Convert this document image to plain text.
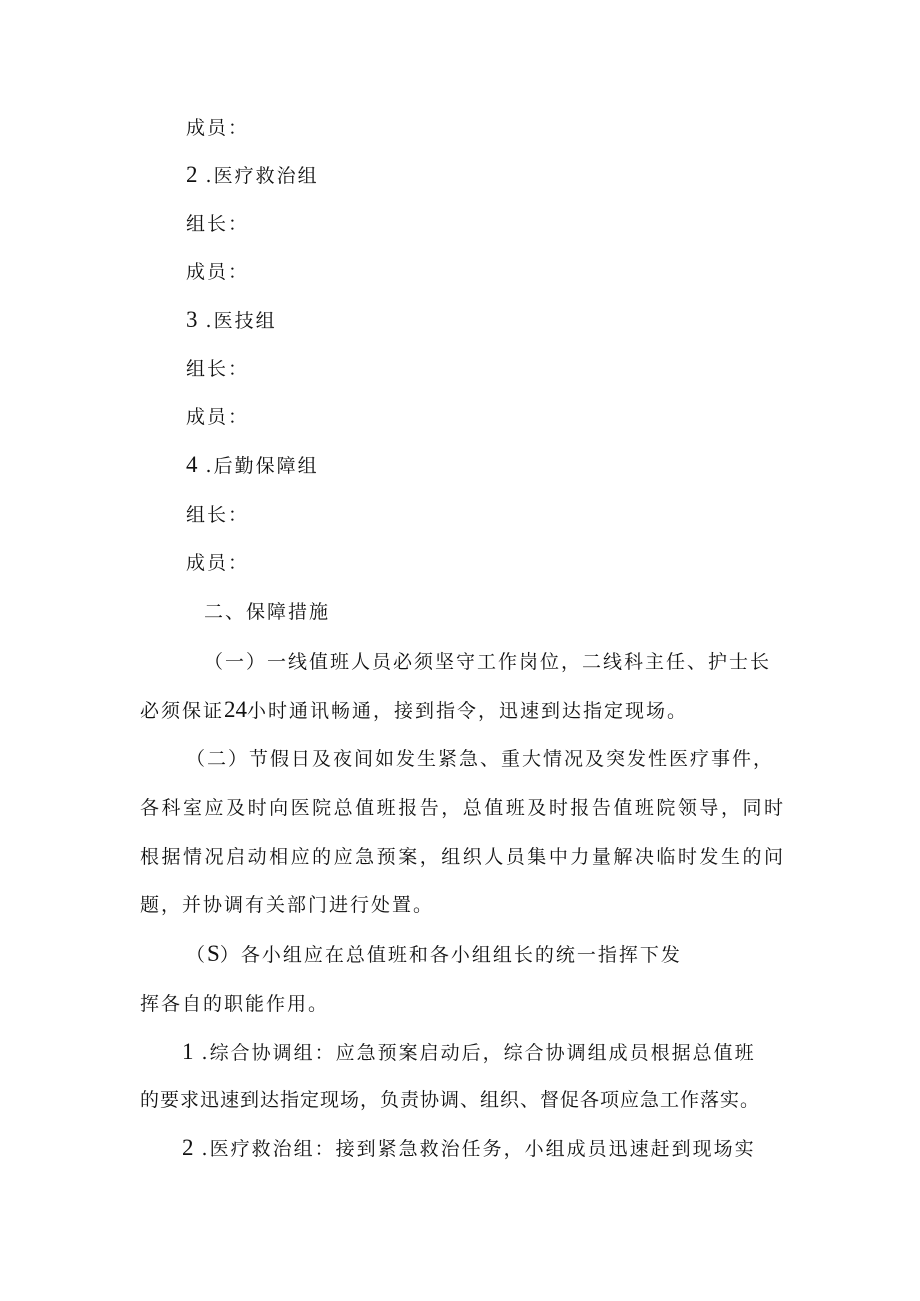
成员：
2 .医疗救治组
组长：
成员：
3 .医技组
组长：
成员：
4 .后勤保障组
组长：
成员：
二、保障措施
（一）一线值班人员必须坚守工作岗位，二线科主任、护士长
必须保证24小时通讯畅通，接到指令，迅速到达指定现场。
（二）节假日及夜间如发生紧急、重大情况及突发性医疗事件，
各科室应及时向医院总值班报告，总值班及时报告值班院领导，同时
根据情况启动相应的应急预案，组织人员集中力量解决临时发生的问
题，并协调有关部门进行处置。
（S）各小组应在总值班和各小组组长的统一指挥下发
挥各自的职能作用。
1 .综合协调组：应急预案启动后，综合协调组成员根据总值班
的要求迅速到达指定现场，负责协调、组织、督促各项应急工作落实。
2 .医疗救治组：接到紧急救治任务，小组成员迅速赶到现场实
